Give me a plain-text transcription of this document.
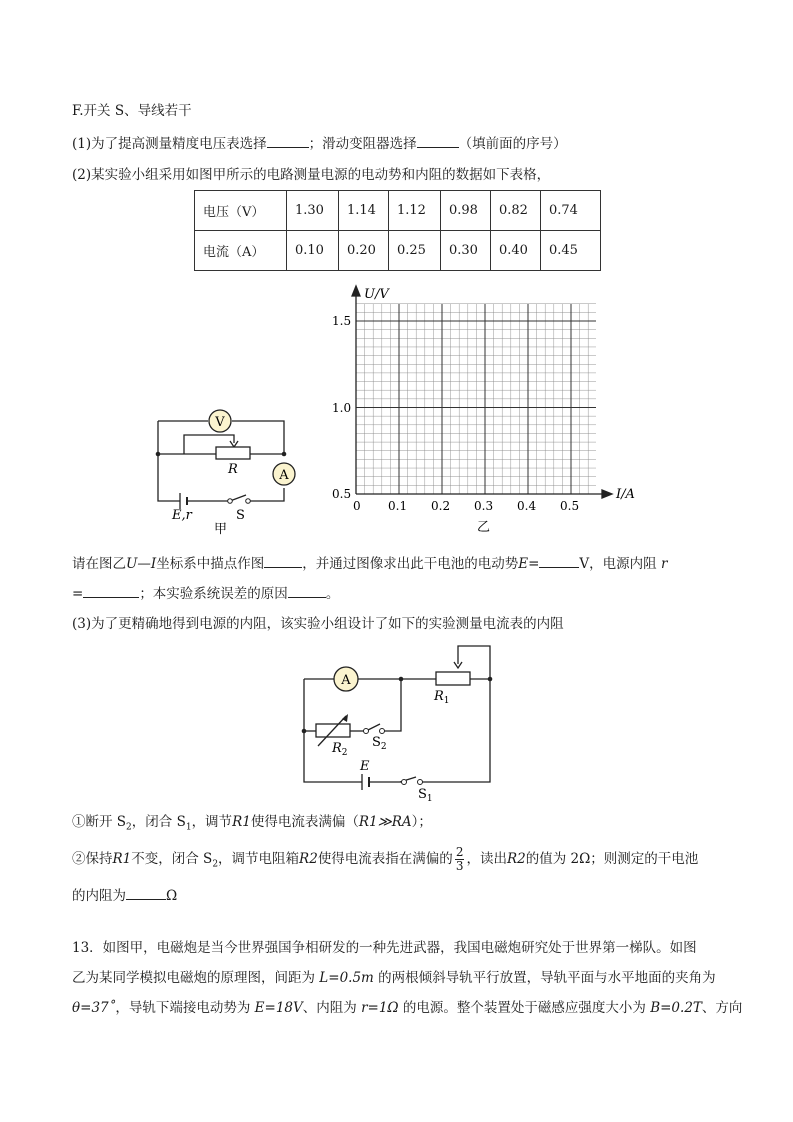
F.开关 S、导线若干
(1)为了提高测量精度电压表选择	；滑动变阻器选择	（填前面的序号）
(2)某实验小组采用如图甲所示的电路测量电源的电动势和内阻的数据如下表格，
电压（V）	1.30	1.14	1.12	0.98	0.82	0.74
电流（A）	0.10	0.20	0.25	0.30	0.40	0.45
V
A
R
E,r	S
甲
U/V
I/A
1.5
1.0
0.5
0 0.1 0.2 0.3 0.4 0.5
乙
请在图乙U—I坐标系中描点作图	，并通过图像求出此干电池的电动势E=	V，电源内阻 r
=	；本实验系统误差的原因	。
(3)为了更精确地得到电源的内阻，该实验小组设计了如下的实验测量电流表的内阻
A
$R_1$
$R_2$
$S_2$
E
$S_1$
①断开 $S_2$，闭合 $S_1$，调节R1使得电流表满偏（R1≫RA）；
②保持R1不变，闭合 $S_2$，调节电阻箱R2使得电流表指在满偏的 $\frac{2}{3}$ ，读出R2的值为 2Ω；则测定的干电池
的内阻为	Ω
13．如图甲，电磁炮是当今世界强国争相研发的一种先进武器，我国电磁炮研究处于世界第一梯队。如图
乙为某同学模拟电磁炮的原理图，间距为 L=0.5m 的两根倾斜导轨平行放置，导轨平面与水平地面的夹角为
θ=37˚，导轨下端接电动势为 E=18V、内阻为 r=1Ω 的电源。整个装置处于磁感应强度大小为 B=0.2T、方向
